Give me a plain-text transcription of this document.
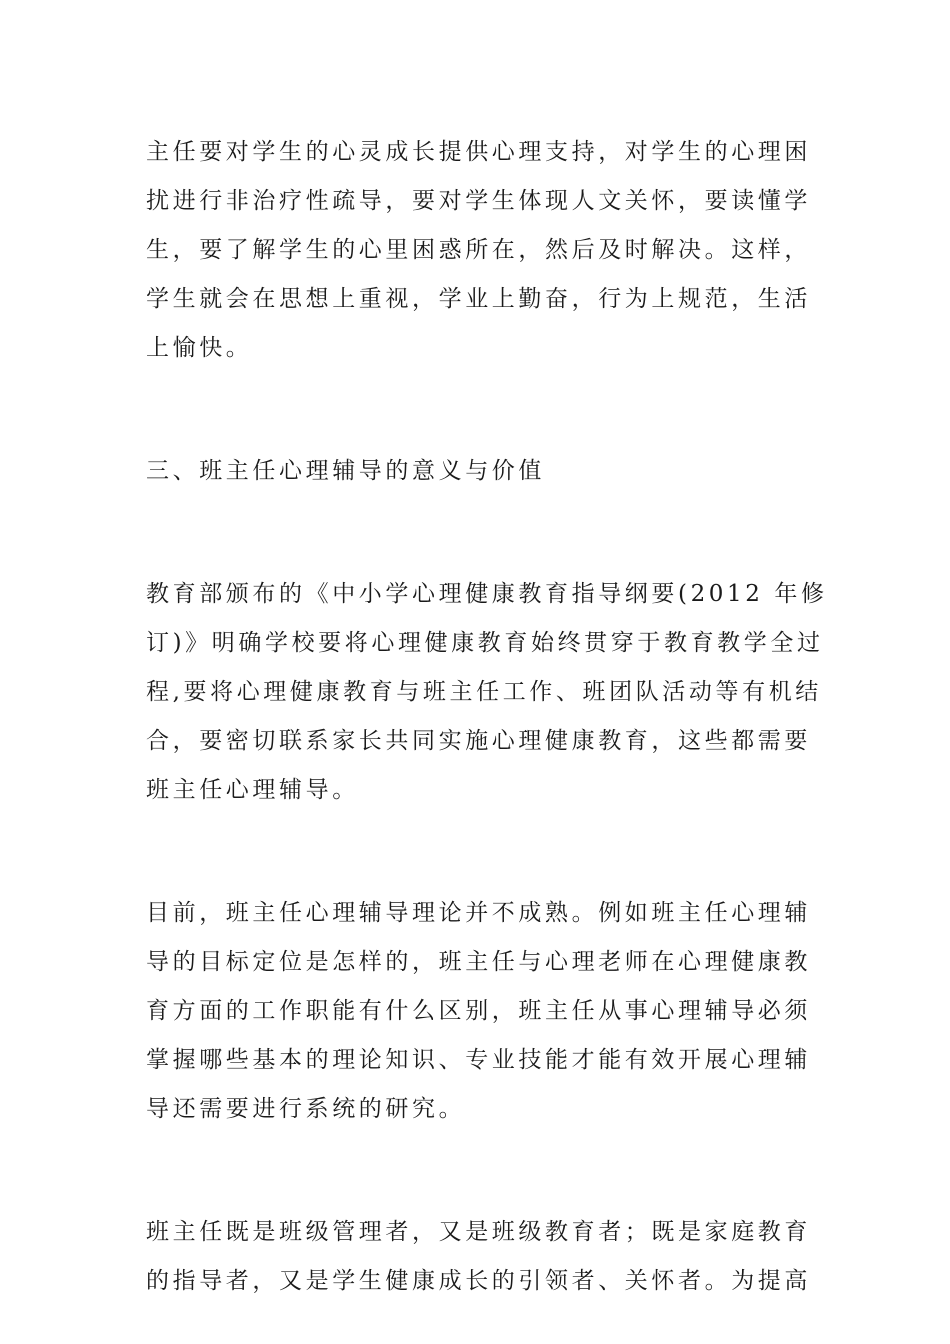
主任要对学生的心灵成长提供心理支持，对学生的心理困
扰进行非治疗性疏导，要对学生体现人文关怀，要读懂学
生，要了解学生的心里困惑所在，然后及时解决。这样，
学生就会在思想上重视，学业上勤奋，行为上规范，生活
上愉快。

三、班主任心理辅导的意义与价值

教育部颁布的《中小学心理健康教育指导纲要(2012 年修
订)》明确学校要将心理健康教育始终贯穿于教育教学全过
程,要将心理健康教育与班主任工作、班团队活动等有机结
合，要密切联系家长共同实施心理健康教育，这些都需要
班主任心理辅导。

目前，班主任心理辅导理论并不成熟。例如班主任心理辅
导的目标定位是怎样的，班主任与心理老师在心理健康教
育方面的工作职能有什么区别，班主任从事心理辅导必须
掌握哪些基本的理论知识、专业技能才能有效开展心理辅
导还需要进行系统的研究。

班主任既是班级管理者，又是班级教育者；既是家庭教育
的指导者，又是学生健康成长的引领者、关怀者。为提高
